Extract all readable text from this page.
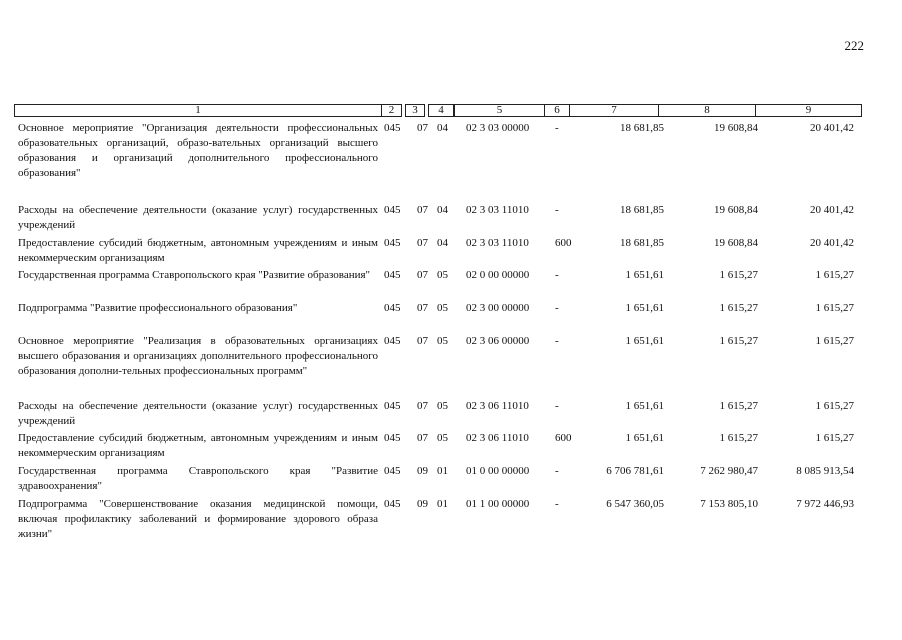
222
1	2	3	4	5	6	7	8	9
Основное мероприятие "Организация деятельности профессиональных образовательных организаций, образо-вательных организаций высшего образования и организаций дополнительного профессионального образования"
045 07 04 02 3 03 00000 -	18 681,85	19 608,84	20 401,42
Расходы на обеспечение деятельности (оказание услуг) государственных учреждений
045 07 04 02 3 03 11010 -	18 681,85	19 608,84	20 401,42
Предоставление субсидий бюджетным, автономным учреждениям и иным некоммерческим организациям
045 07 04 02 3 03 11010 600	18 681,85	19 608,84	20 401,42
Государственная программа Ставропольского края "Развитие образования"	045 07 05 02 0 00 00000 -	1 651,61	1 615,27	1 615,27
Подпрограмма "Развитие профессионального образования"	045 07 05 02 3 00 00000 -	1 651,61	1 615,27	1 615,27
Основное мероприятие "Реализация в образовательных организациях высшего образования и организациях дополнительного профессионального образования дополни-тельных профессиональных программ"
045 07 05 02 3 06 00000 -	1 651,61	1 615,27	1 615,27
Расходы на обеспечение деятельности (оказание услуг) государственных учреждений
045 07 05 02 3 06 11010 -	1 651,61	1 615,27	1 615,27
Предоставление субсидий бюджетным, автономным учреждениям и иным некоммерческим организациям
045 07 05 02 3 06 11010 600	1 651,61	1 615,27	1 615,27
Государственная программа Ставропольского края "Развитие здравоохранения"
045 09 01 01 0 00 00000 -	6 706 781,61	7 262 980,47	8 085 913,54
Подпрограмма "Совершенствование оказания медицинской помощи, включая профилактику заболеваний и формирование здорового образа жизни"
045 09 01 01 1 00 00000 -	6 547 360,05	7 153 805,10	7 972 446,93
